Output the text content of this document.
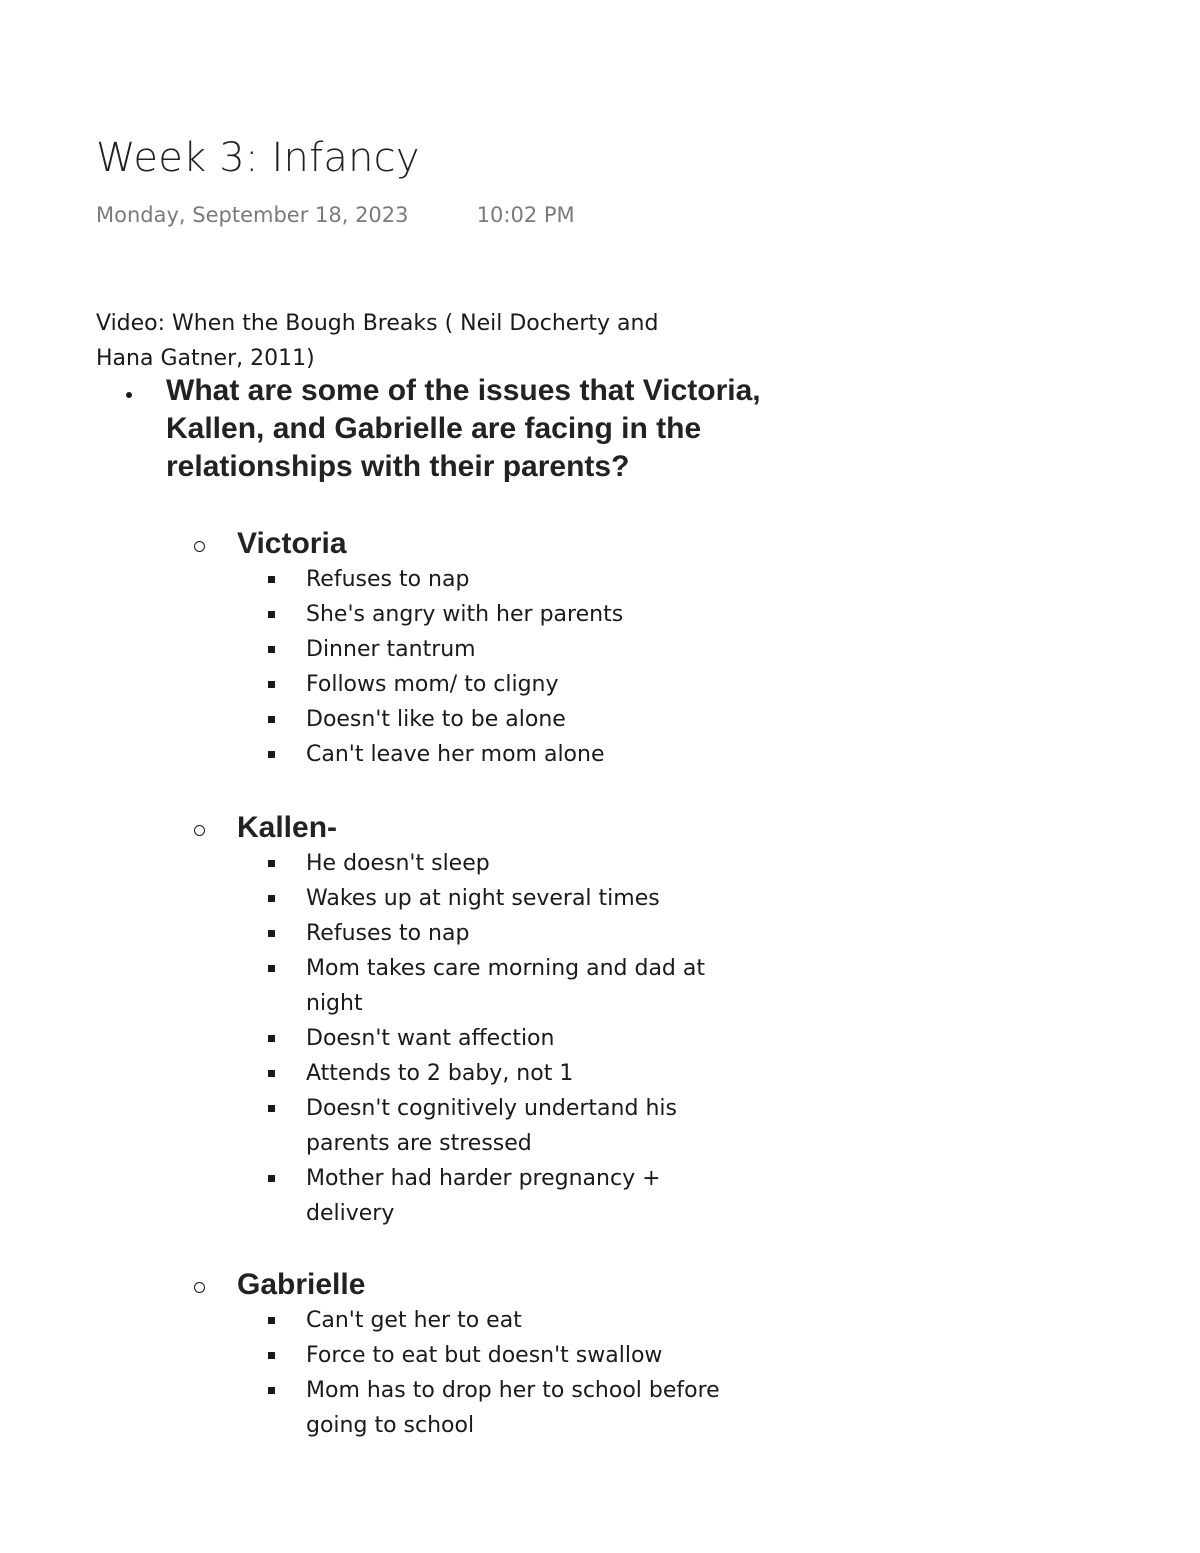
Week 3: Infancy
Monday, September 18, 2023	10:02 PM
Video: When the Bough Breaks ( Neil Docherty and Hana Gatner, 2011)
What are some of the issues that Victoria, Kallen, and Gabrielle are facing in the relationships with their parents?
Victoria
Refuses to nap
She's angry with her parents
Dinner tantrum
Follows mom/ to cligny
Doesn't like to be alone
Can't leave her mom alone
Kallen-
He doesn't sleep
Wakes up at night several times
Refuses to nap
Mom takes care morning and dad at night
Doesn't want affection
Attends to 2 baby, not 1
Doesn't cognitively undertand his parents are stressed
Mother had harder pregnancy + delivery
Gabrielle
Can't get her to eat
Force to eat but doesn't swallow
Mom has to drop her to school before going to school
